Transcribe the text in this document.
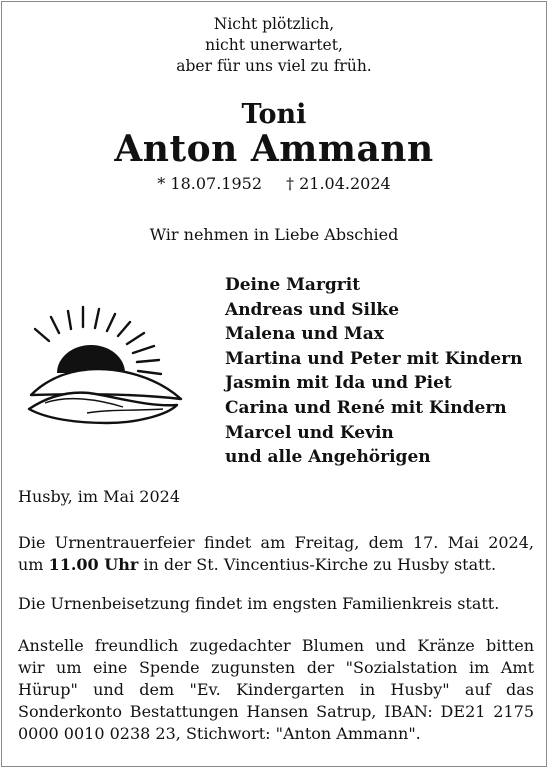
Nicht plötzlich,
nicht unerwartet,
aber für uns viel zu früh.
Toni
Anton Ammann
* 18.07.1952 † 21.04.2024
Wir nehmen in Liebe Abschied
Deine Margrit
Andreas und Silke
Malena und Max
Martina und Peter mit Kindern
Jasmin mit Ida und Piet
Carina und René mit Kindern
Marcel und Kevin
und alle Angehörigen
Husby, im Mai 2024
Die Urnentrauerfeier findet am Freitag, dem 17. Mai 2024,
um 11.00 Uhr in der St. Vincentius-Kirche zu Husby statt.
Die Urnenbeisetzung findet im engsten Familienkreis statt.
Anstelle freundlich zugedachter Blumen und Kränze bitten
wir um eine Spende zugunsten der "Sozialstation im Amt
Hürup" und dem "Ev. Kindergarten in Husby" auf das
Sonderkonto Bestattungen Hansen Satrup, IBAN: DE21 2175
0000 0010 0238 23, Stichwort: "Anton Ammann".
